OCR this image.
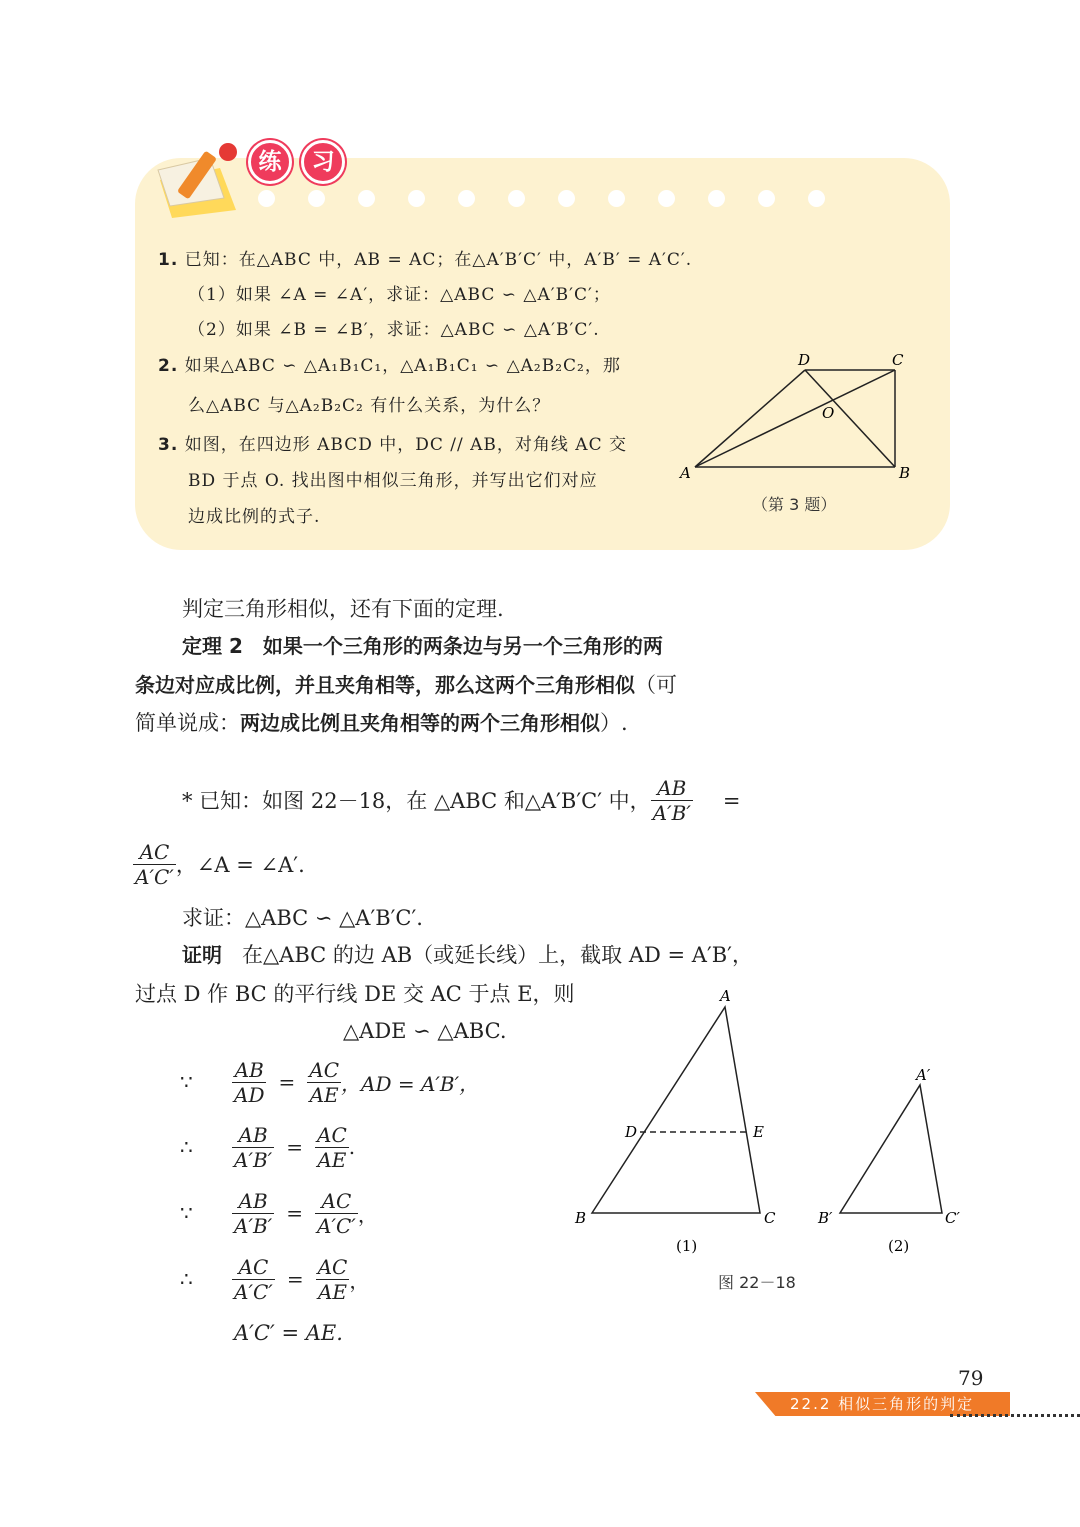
练 习
1. 已知：在△ABC 中，AB = AC；在△A′B′C′ 中，A′B′ = A′C′.
（1）如果 ∠A = ∠A′，求证：△ABC ∽ △A′B′C′；
（2）如果 ∠B = ∠B′，求证：△ABC ∽ △A′B′C′.
2. 如果△ABC ∽ △A₁B₁C₁，△A₁B₁C₁ ∽ △A₂B₂C₂，那
么△ABC 与△A₂B₂C₂ 有什么关系，为什么？
3. 如图，在四边形 ABCD 中，DC // AB，对角线 AC 交
BD 于点 O. 找出图中相似三角形，并写出它们对应
边成比例的式子.
D	C
O
A	B
（第 3 题）
判定三角形相似，还有下面的定理.
定理 2 如果一个三角形的两条边与另一个三角形的两
条边对应成比例，并且夹角相等，那么这两个三角形相似（可
简单说成：两边成比例且夹角相等的两个三角形相似）.
* 已知：如图 22－18，在 △ABC 和△A′B′C′ 中， $\frac{AB}{A'B'}$ =
$\frac{AC}{A'C'}$ ，∠A = ∠A′.
求证：△ABC ∽ △A′B′C′.
证明 在△ABC 的边 AB（或延长线）上，截取 AD = A′B′，
过点 D 作 BC 的平行线 DE 交 AC 于点 E，则
△ADE ∽ △ABC.
∵	$\frac{AB}{AD} = \frac{AC}{AE}$ ，AD = A′B′，
∴	$\frac{AB}{A'B'} = \frac{AC}{AE}$ .
∵	$\frac{AB}{A'B'} = \frac{AC}{A'C'}$ ，
∴	$\frac{AC}{A'C'} = \frac{AC}{AE}$ ，
A′C′ = AE.
A
B	C
D	E
A′
B′	C′
(1)	(2)
图 22－18
79
22.2 相似三角形的判定
